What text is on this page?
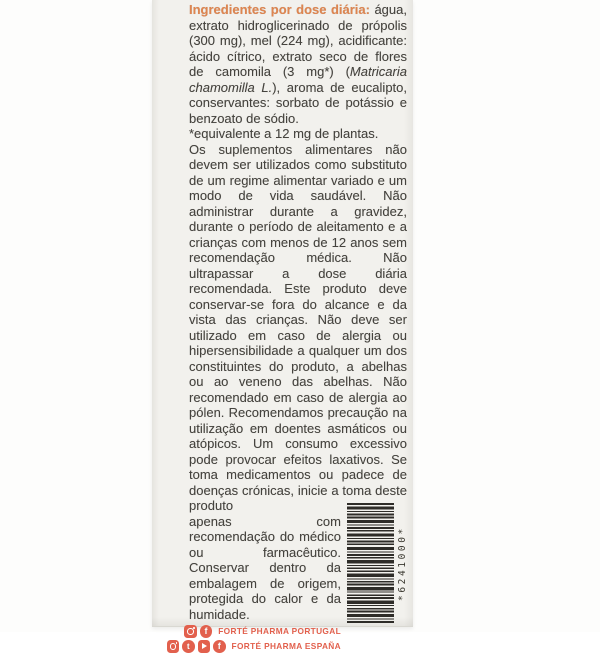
Ingredientes por dose diária: água, extrato hidroglicerinado de própolis (300 mg), mel (224 mg), acidificante: ácido cítrico, extrato seco de flores de camomila (3 mg*) (Matricaria chamomilla L.), aroma de eucalipto, conservantes: sorbato de potássio e benzoato de sódio.

*equivalente a 12 mg de plantas.

Os suplementos alimentares não devem ser utilizados como substituto de um regime alimentar variado e um modo de vida saudável. Não administrar durante a gravidez, durante o período de aleitamento e a crianças com menos de 12 anos sem recomendação médica. Não ultrapassar a dose diária recomendada. Este produto deve conservar-se fora do alcance e da vista das crianças. Não deve ser utilizado em caso de alergia ou hipersensibilidade a qualquer um dos constituintes do produto, a abelhas ou ao veneno das abelhas. Não recomendado em caso de alergia ao pólen. Recomendamos precaução na utilização em doentes asmáticos ou atópicos. Um consumo excessivo pode provocar efeitos laxativos. Se toma medicamentos ou padece de doenças crónicas, inicie a toma deste produto

apenas com recomendação do médico ou farmacêutico. Conservar dentro da embalagem de origem, protegida do calor e da humidade.

f
FORTÉ PHARMA PORTUGAL
t
f
FORTÉ PHARMA ESPAÑA
*6241000*
